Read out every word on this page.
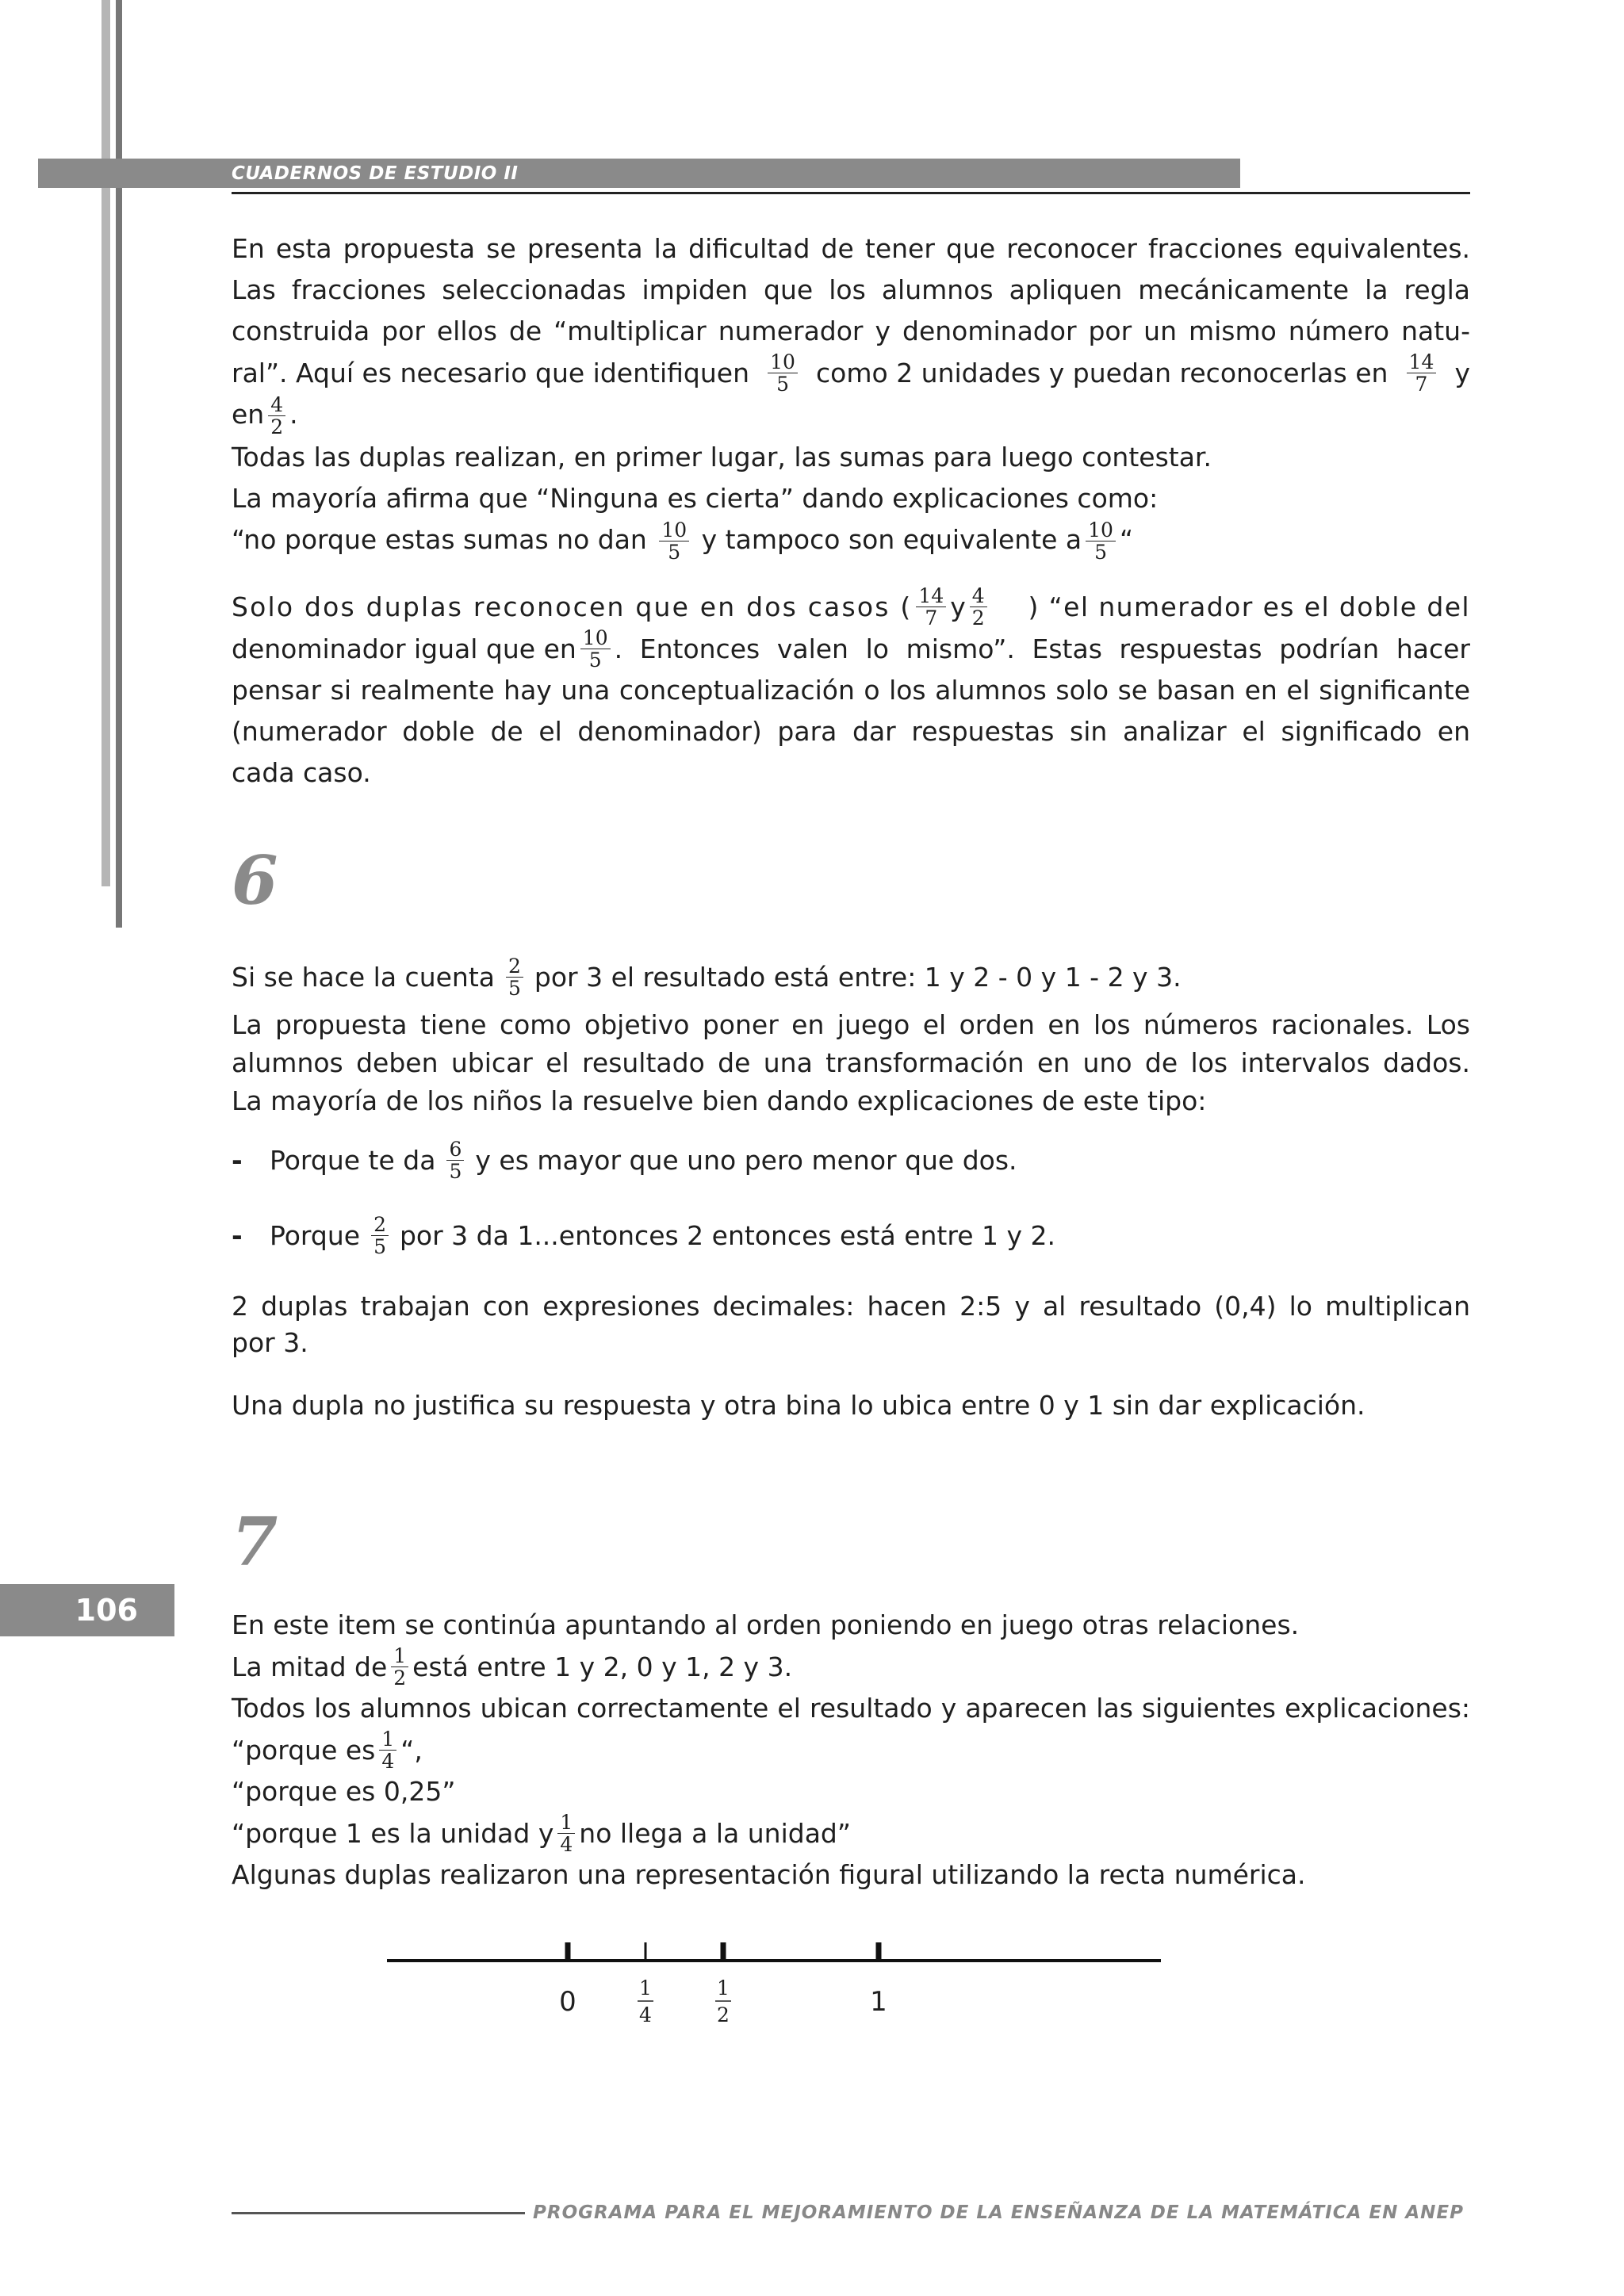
CUADERNOS DE ESTUDIO II
En esta propuesta se presenta la dificultad de tener que reconocer fracciones equivalentes.
Las fracciones seleccionadas impiden que los alumnos apliquen mecánicamente la regla
construida por ellos de “multiplicar numerador y denominador por un mismo número natu-
ral”. Aquí es necesario que identifiquen $\frac{10}{5}$ como 2 unidades y puedan reconocerlas en $\frac{14}{7}$ y
en $\frac{4}{2}$ .
Todas las duplas realizan, en primer lugar, las sumas para luego contestar.
La mayoría afirma que “Ninguna es cierta” dando explicaciones como:
“no porque estas sumas no dan $\frac{10}{5}$ y tampoco son equivalente a $\frac{10}{5}$ “
Solo dos duplas reconocen que en dos casos ( $\frac{14}{7}$ y $\frac{4}{2}$	) “el numerador es el doble del
denominador igual que en $\frac{10}{5}$ . Entonces valen lo mismo”. Estas respuestas podrían hacer
pensar si realmente hay una conceptualización o los alumnos solo se basan en el significante
(numerador doble de el denominador) para dar respuestas sin analizar el significado en
cada caso.
6
Si se hace la cuenta $\frac{2}{5}$ por 3 el resultado está entre: 1 y 2 - 0 y 1 - 2 y 3.
La propuesta tiene como objetivo poner en juego el orden en los números racionales. Los
alumnos deben ubicar el resultado de una transformación en uno de los intervalos dados.
La mayoría de los niños la resuelve bien dando explicaciones de este tipo:
-	Porque te da $\frac{6}{5}$ y es mayor que uno pero menor que dos.
-	Porque $\frac{2}{5}$ por 3 da 1...entonces 2 entonces está entre 1 y 2.
2 duplas trabajan con expresiones decimales: hacen 2:5 y al resultado (0,4) lo multiplican
por 3.
Una dupla no justifica su respuesta y otra bina lo ubica entre 0 y 1 sin dar explicación.
106
7
En este item se continúa apuntando al orden poniendo en juego otras relaciones.
La mitad de $\frac{1}{2}$ está entre 1 y 2, 0 y 1, 2 y 3.
Todos los alumnos ubican correctamente el resultado y aparecen las siguientes explicaciones:
“porque es $\frac{1}{4}$ “,
“porque es 0,25”
“porque 1 es la unidad y $\frac{1}{4}$ no llega a la unidad”
Algunas duplas realizaron una representación figural utilizando la recta numérica.
0	1
4
1
2	1
PROGRAMA PARA EL MEJORAMIENTO DE LA ENSEÑANZA DE LA MATEMÁTICA EN ANEP
